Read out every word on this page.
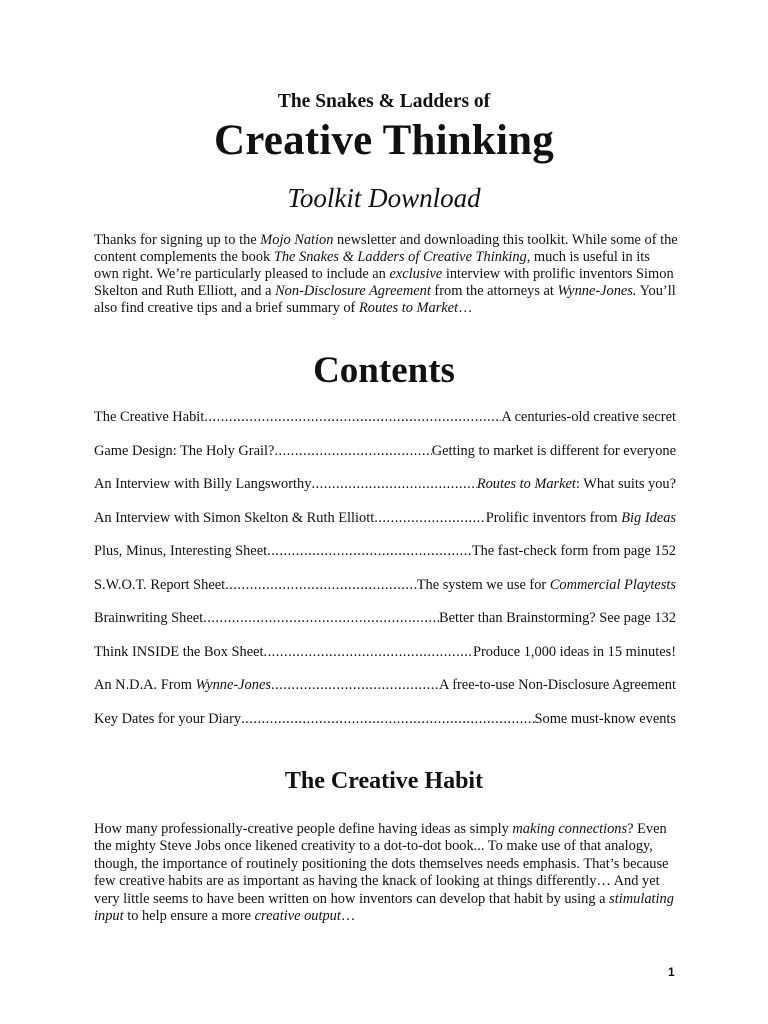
The Snakes & Ladders of
Creative Thinking
Toolkit Download

Thanks for signing up to the Mojo Nation newsletter and downloading this toolkit. While some of the content complements the book The Snakes & Ladders of Creative Thinking, much is useful in its own right. We’re particularly pleased to include an exclusive interview with prolific inventors Simon Skelton and Ruth Elliott, and a Non-Disclosure Agreement from the attorneys at Wynne-Jones. You’ll also find creative tips and a brief summary of Routes to Market…

Contents
The Creative Habit .....	A centuries-old creative secret
Game Design: The Holy Grail? .....	Getting to market is different for everyone
An Interview with Billy Langsworthy .....	Routes to Market: What suits you?
An Interview with Simon Skelton & Ruth Elliott .....	Prolific inventors from Big Ideas
Plus, Minus, Interesting Sheet .....	The fast-check form from page 152
S.W.O.T. Report Sheet .....	The system we use for Commercial Playtests
Brainwriting Sheet .....	Better than Brainstorming? See page 132
Think INSIDE the Box Sheet .....	Produce 1,000 ideas in 15 minutes!
An N.D.A. From Wynne-Jones .....	A free-to-use Non-Disclosure Agreement
Key Dates for your Diary .....	Some must-know events
The Creative Habit

How many professionally-creative people define having ideas as simply making connections? Even the mighty Steve Jobs once likened creativity to a dot-to-dot book... To make use of that analogy, though, the importance of routinely positioning the dots themselves needs emphasis. That’s because few creative habits are as important as having the knack of looking at things differently… And yet very little seems to have been written on how inventors can develop that habit by using a stimulating input to help ensure a more creative output…

1
